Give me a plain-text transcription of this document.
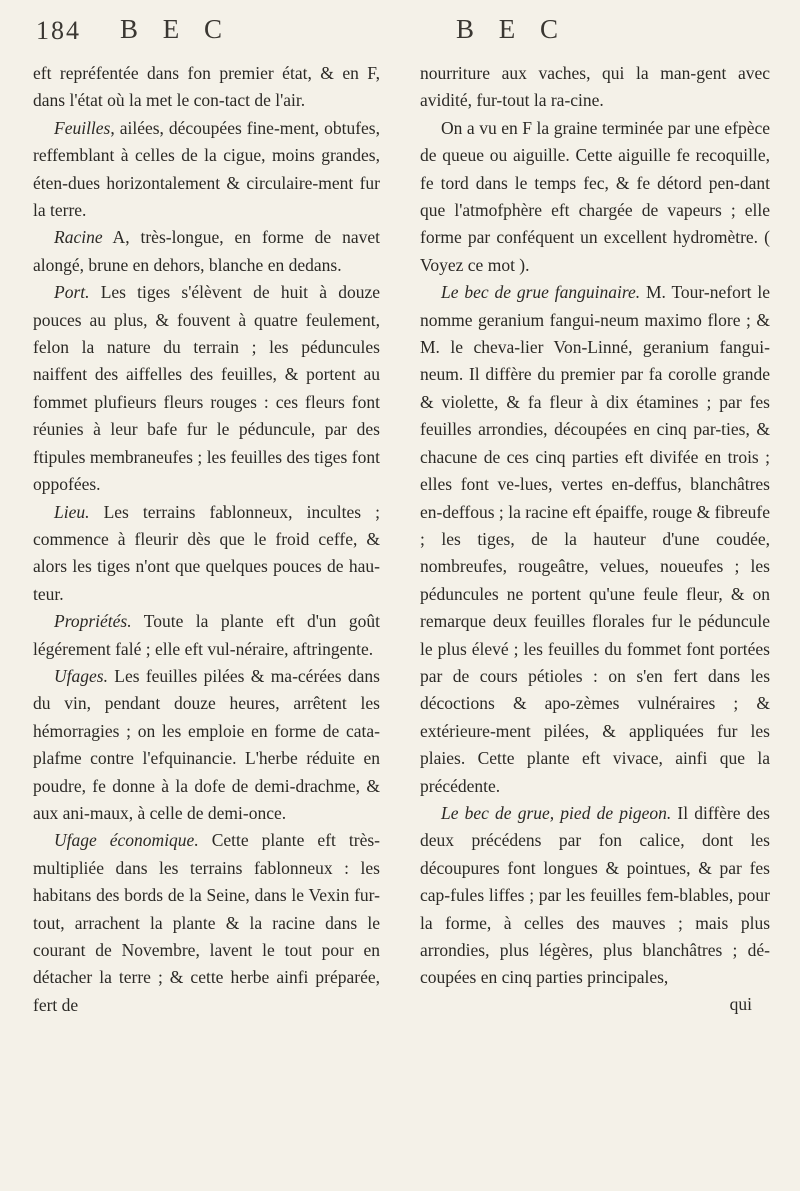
184 B E C	B E C

eft repréfentée dans fon premier état, & en F, dans l'état où la met le con-tact de l'air.

Feuilles, ailées, découpées fine-ment, obtufes, reffemblant à celles de la cigue, moins grandes, éten-dues horizontalement & circulaire-ment fur la terre.

Racine A, très-longue, en forme de navet alongé, brune en dehors, blanche en dedans.

Port. Les tiges s'élèvent de huit à douze pouces au plus, & fouvent à quatre feulement, felon la nature du terrain ; les péduncules naiffent des aiffelles des feuilles, & portent au fommet plufieurs fleurs rouges : ces fleurs font réunies à leur bafe fur le péduncule, par des ftipules membraneufes ; les feuilles des tiges font oppofées.

Lieu. Les terrains fablonneux, incultes ; commence à fleurir dès que le froid ceffe, & alors les tiges n'ont que quelques pouces de hau-teur.

Propriétés. Toute la plante eft d'un goût légérement falé ; elle eft vul-néraire, aftringente.

Ufages. Les feuilles pilées & ma-cérées dans du vin, pendant douze heures, arrêtent les hémorragies ; on les emploie en forme de cata-plafme contre l'efquinancie. L'herbe réduite en poudre, fe donne à la dofe de demi-drachme, & aux ani-maux, à celle de demi-once.

Ufage économique. Cette plante eft très-multipliée dans les terrains fablonneux : les habitans des bords de la Seine, dans le Vexin fur-tout, arrachent la plante & la racine dans le courant de Novembre, lavent le tout pour en détacher la terre ; & cette herbe ainfi préparée, fert de

nourriture aux vaches, qui la man-gent avec avidité, fur-tout la ra-cine.

On a vu en F la graine terminée par une efpèce de queue ou aiguille. Cette aiguille fe recoquille, fe tord dans le temps fec, & fe détord pen-dant que l'atmofphère eft chargée de vapeurs ; elle forme par conféquent un excellent hydromètre. ( Voyez ce mot ).

Le bec de grue fanguinaire. M. Tour-nefort le nomme geranium fangui-neum maximo flore ; & M. le cheva-lier Von-Linné, geranium fangui-neum. Il diffère du premier par fa corolle grande & violette, & fa fleur à dix étamines ; par fes feuilles arrondies, découpées en cinq par-ties, & chacune de ces cinq parties eft divifée en trois ; elles font ve-lues, vertes en-deffus, blanchâtres en-deffous ; la racine eft épaiffe, rouge & fibreufe ; les tiges, de la hauteur d'une coudée, nombreufes, rougeâtre, velues, noueufes ; les péduncules ne portent qu'une feule fleur, & on remarque deux feuilles florales fur le péduncule le plus élevé ; les feuilles du fommet font portées par de cours pétioles : on s'en fert dans les décoctions & apo-zèmes vulnéraires ; & extérieure-ment pilées, & appliquées fur les plaies. Cette plante eft vivace, ainfi que la précédente.

Le bec de grue, pied de pigeon. Il diffère des deux précédens par fon calice, dont les découpures font longues & pointues, & par fes cap-fules liffes ; par les feuilles fem-blables, pour la forme, à celles des mauves ; mais plus arrondies, plus légères, plus blanchâtres ; dé-coupées en cinq parties principales,

qui
